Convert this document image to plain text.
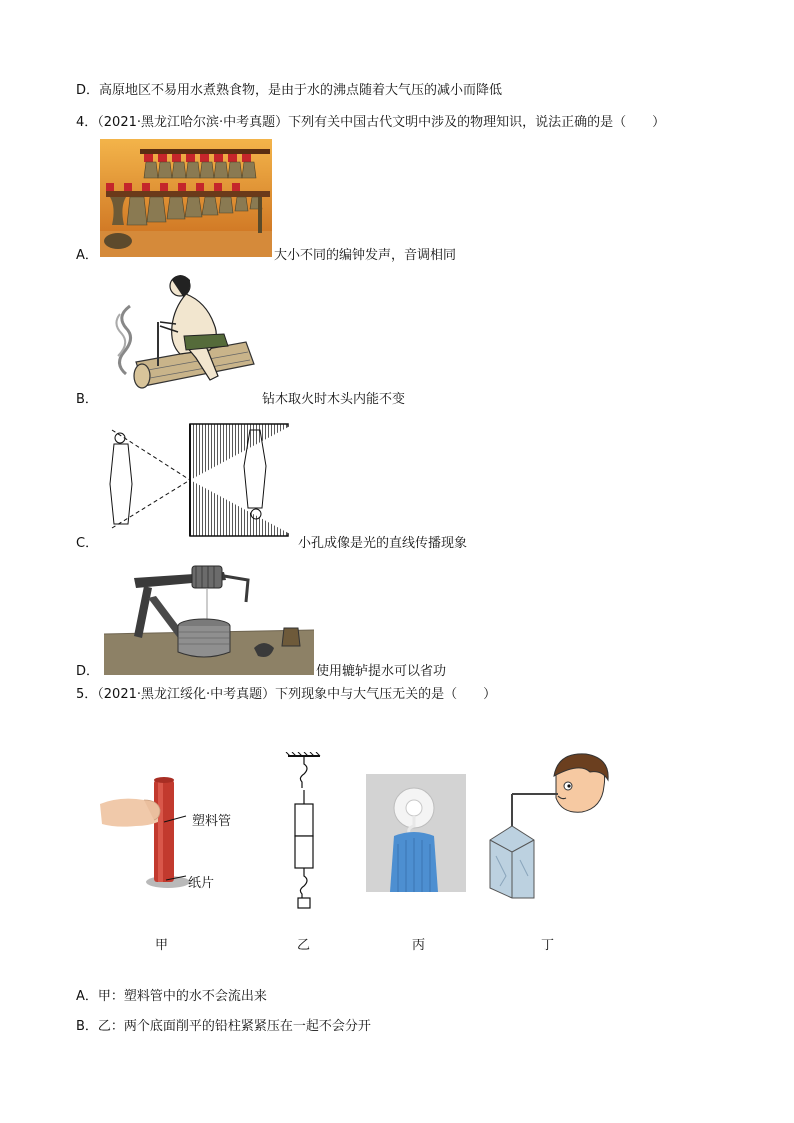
D．高原地区不易用水煮熟食物，是由于水的沸点随着大气压的减小而降低
4．（2021·黑龙江哈尔滨·中考真题）下列有关中国古代文明中涉及的物理知识，说法正确的是（　　）
A．	大小不同的编钟发声，音调相同
B．	钻木取火时木头内能不变
C．	小孔成像是光的直线传播现象
D．	使用辘轳提水可以省功
5．（2021·黑龙江绥化·中考真题）下列现象中与大气压无关的是（　　）
塑料管
纸片
甲	乙	丙	丁
A．甲：塑料管中的水不会流出来
B．乙：两个底面削平的铅柱紧紧压在一起不会分开
